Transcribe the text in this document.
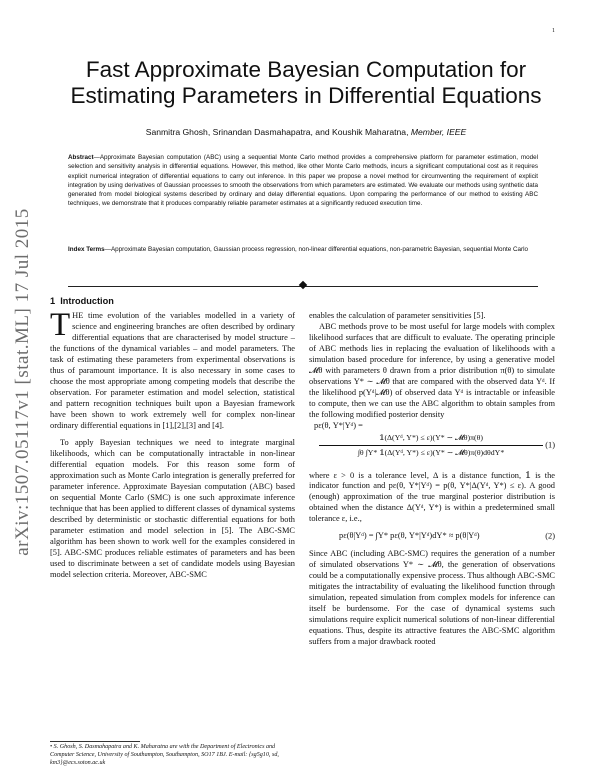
1
arXiv:1507.05117v1 [stat.ML] 17 Jul 2015
Fast Approximate Bayesian Computation for
Estimating Parameters in Differential Equations
Sanmitra Ghosh, Srinandan Dasmahapatra, and Koushik Maharatna, Member, IEEE
Abstract—Approximate Bayesian computation (ABC) using a sequential Monte Carlo method provides a comprehensive platform for parameter estimation, model selection and sensitivity analysis in differential equations. However, this method, like other Monte Carlo methods, incurs a significant computational cost as it requires explicit numerical integration of differential equations to carry out inference. In this paper we propose a novel method for circumventing the requirement of explicit integration by using derivatives of Gaussian processes to smooth the observations from which parameters are estimated. We evaluate our methods using synthetic data generated from model biological systems described by ordinary and delay differential equations. Upon comparing the performance of our method to existing ABC techniques, we demonstrate that it produces comparably reliable parameter estimates at a significantly reduced execution time.
Index Terms—Approximate Bayesian computation, Gaussian process regression, non-linear differential equations, non-parametric Bayesian, sequential Monte Carlo
1 Introduction

THE time evolution of the variables modelled in a variety of science and engineering branches are often described by ordinary differential equations that are characterised by model structure – the functions of the dynamical variables – and model parameters. The task of estimating these parameters from experimental observations is thus of paramount importance. It is also necessary in some cases to choose the most appropriate among competing models that describe the observation. For parameter estimation and model selection, statistical and pattern recognition techniques built upon a Bayesian framework have been shown to work extremely well for complex non-linear ordinary differential equations in [1],[2],[3] and [4].

To apply Bayesian techniques we need to integrate marginal likelihoods, which can be computationally intractable in non-linear differential equation models. For this reason some form of approximation such as Monte Carlo integration is generally preferred for parameter inference. Approximate Bayesian computation (ABC) based on sequential Monte Carlo (SMC) is one such approximate inference technique that has been applied to different classes of dynamical systems described by deterministic or stochastic differential equations for both parameter estimation and model selection in [5]. The ABC-SMC algorithm has been shown to work well for the examples considered in [5]. ABC-SMC produces reliable estimates of parameters and has been used to discriminate between a set of candidate models using Bayesian model selection criteria. Moreover, ABC-SMC

• S. Ghosh, S. Dasmahapatra and K. Maharatna are with the Department of Electronics and Computer Science, University of Southampton, Southampton, SO17 1BJ. E-mail: {sg5g10, sd, km3}@ecs.soton.ac.uk

enables the calculation of parameter sensitivities [5].

ABC methods prove to be most useful for large models with complex likelihood surfaces that are difficult to evaluate. The operating principle of ABC methods lies in replacing the evaluation of likelihoods with a simulation based procedure for inference, by using a generative model 𝓜θ with parameters θ drawn from a prior distribution π(θ) to simulate observations Y* ∼ 𝓜θ that are compared with the observed data Yᵈ. If the likelihood p(Yᵈ|𝓜θ) of observed data Yᵈ is intractable or infeasible to compute, then we can use the ABC algorithm to obtain samples from the following modified posterior density

pε(θ, Y*|Yᵈ) =
𝟙(Δ(Yᵈ, Y*) ≤ ε)(Y* ∼ 𝓜θ)π(θ)
∫θ ∫Y* 𝟙(Δ(Yᵈ, Y*) ≤ ε)(Y* ∼ 𝓜θ)π(θ)dθdY*
(1)

where ε > 0 is a tolerance level, Δ is a distance function, 𝟙 is the indicator function and pε(θ, Y*|Yᵈ) = p(θ, Y*|Δ(Yᵈ, Y*) ≤ ε). A good (enough) approximation of the true marginal posterior distribution is obtained when the distance Δ(Yᵈ, Y*) is within a predetermined small tolerance ε, i.e.,

pε(θ|Yᵈ) = ∫Y* pε(θ, Y*|Yᵈ)dY* ≈ p(θ|Yᵈ)	(2)

Since ABC (including ABC-SMC) requires the generation of a number of simulated observations Y* ∼ 𝓜θ, the generation of observations could be a computationally expensive process. Thus although ABC-SMC mitigates the intractability of evaluating the likelihood function through simulation, repeated simulation from complex models for inference can itself be burdensome. For the case of dynamical systems such simulations require explicit numerical solutions of non-linear differential equations. Thus, despite its attractive features the ABC-SMC algorithm suffers from a major drawback rooted
